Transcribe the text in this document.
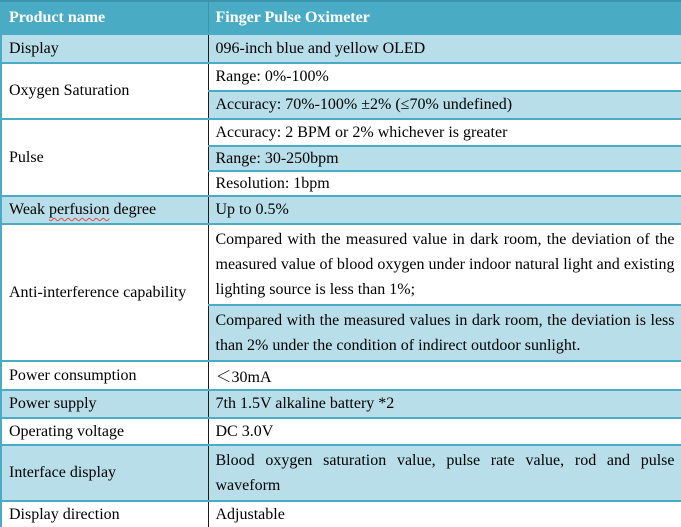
Product name	Finger Pulse Oximeter
Display	096-inch blue and yellow OLED
Oxygen Saturation	Range: 0%-100%
	Accuracy: 70%-100% ±2% (≤70% undefined)
Pulse	Accuracy: 2 BPM or 2% whichever is greater
	Range: 30-250bpm
	Resolution: 1bpm
Weak perfusion degree	Up to 0.5%
Anti-interference capability	Compared with the measured value in dark room, the deviation of the measured value of blood oxygen under indoor natural light and existing lighting source is less than 1%;
	Compared with the measured values in dark room, the deviation is less than 2% under the condition of indirect outdoor sunlight.
Power consumption	＜30mA
Power supply	7th 1.5V alkaline battery *2
Operating voltage	DC 3.0V
Interface display	Blood oxygen saturation value, pulse rate value, rod and pulse waveform
Display direction	Adjustable
